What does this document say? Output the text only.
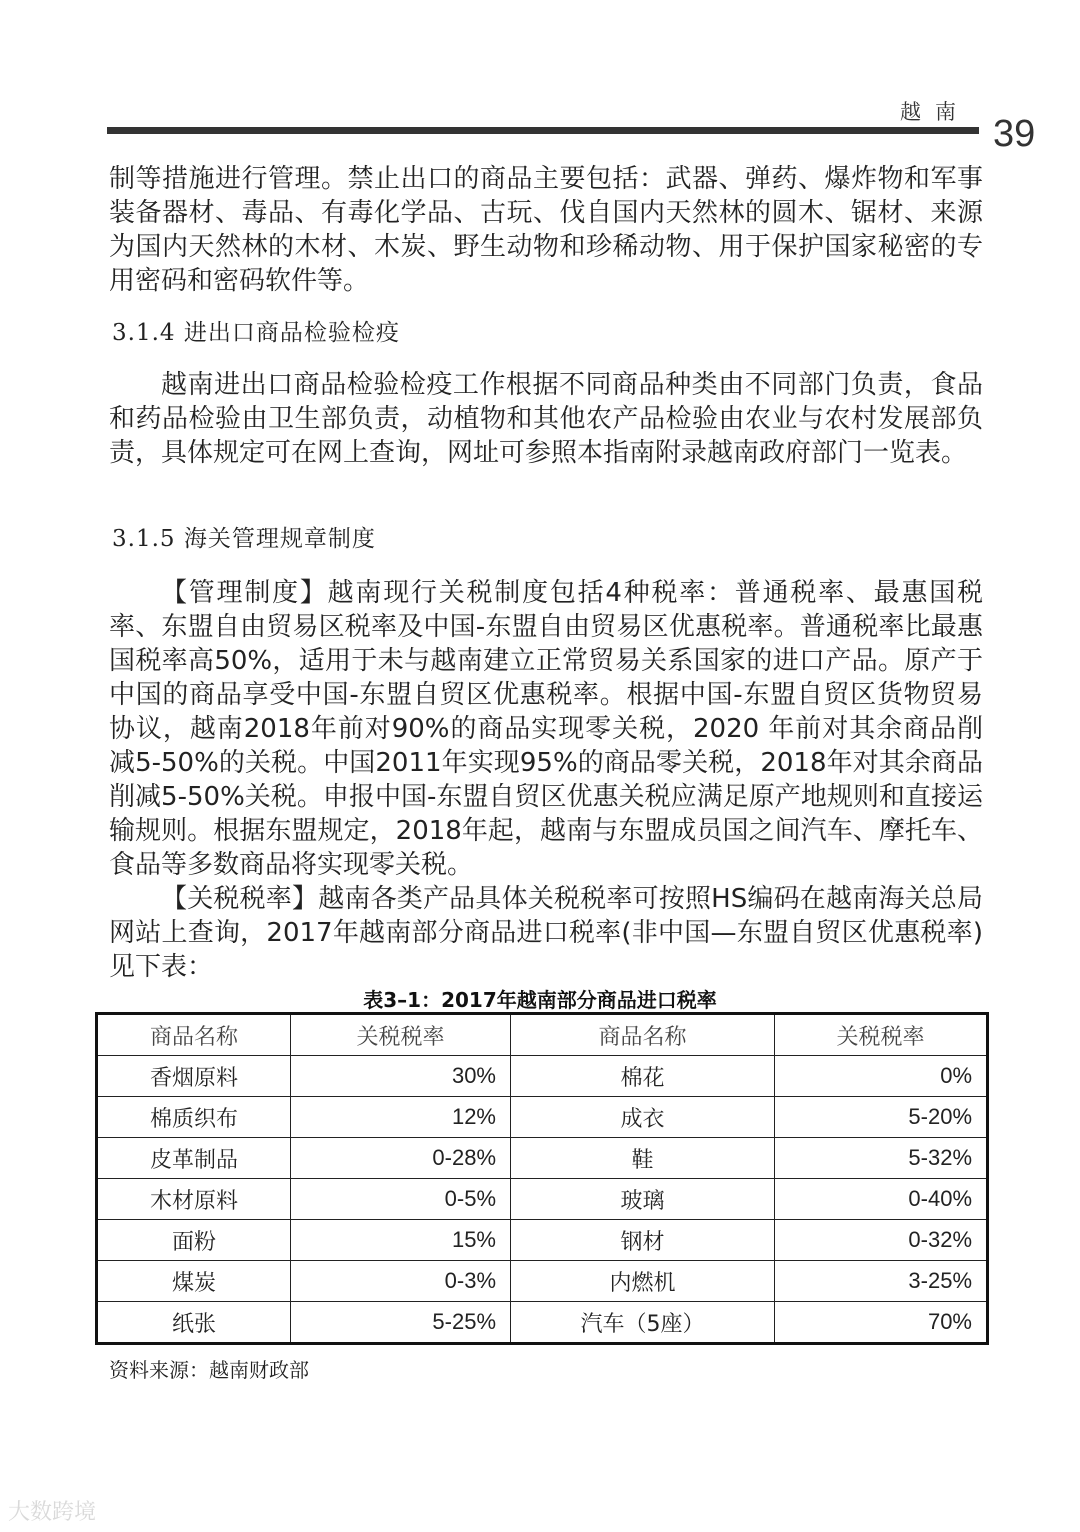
越南
39

制等措施进行管理。禁止出口的商品主要包括：武器、弹药、爆炸物和军事装备器材、毒品、有毒化学品、古玩、伐自国内天然林的圆木、锯材、来源为国内天然林的木材、木炭、野生动物和珍稀动物、用于保护国家秘密的专用密码和密码软件等。

3.1.4 进出口商品检验检疫

越南进出口商品检验检疫工作根据不同商品种类由不同部门负责，食品和药品检验由卫生部负责，动植物和其他农产品检验由农业与农村发展部负责，具体规定可在网上查询，网址可参照本指南附录越南政府部门一览表。

3.1.5 海关管理规章制度

【管理制度】越南现行关税制度包括4种税率：普通税率、最惠国税率、东盟自由贸易区税率及中国-东盟自由贸易区优惠税率。普通税率比最惠国税率高50%，适用于未与越南建立正常贸易关系国家的进口产品。原产于中国的商品享受中国-东盟自贸区优惠税率。根据中国-东盟自贸区货物贸易协议，越南2018年前对90%的商品实现零关税，2020 年前对其余商品削减5-50%的关税。中国2011年实现95%的商品零关税，2018年对其余商品削减5-50%关税。申报中国-东盟自贸区优惠关税应满足原产地规则和直接运输规则。根据东盟规定，2018年起，越南与东盟成员国之间汽车、摩托车、食品等多数商品将实现零关税。

【关税税率】越南各类产品具体关税税率可按照HS编码在越南海关总局网站上查询，2017年越南部分商品进口税率(非中国—东盟自贸区优惠税率)见下表：

表3–1：2017年越南部分商品进口税率
商品名称	关税税率	商品名称	关税税率
香烟原料	30%	棉花	0%
棉质织布	12%	成衣	5-20%
皮革制品	0-28%	鞋	5-32%
木材原料	0-5%	玻璃	0-40%
面粉	15%	钢材	0-32%
煤炭	0-3%	内燃机	3-25%
纸张	5-25%	汽车（5座）	70%
资料来源：越南财政部
大数跨境
